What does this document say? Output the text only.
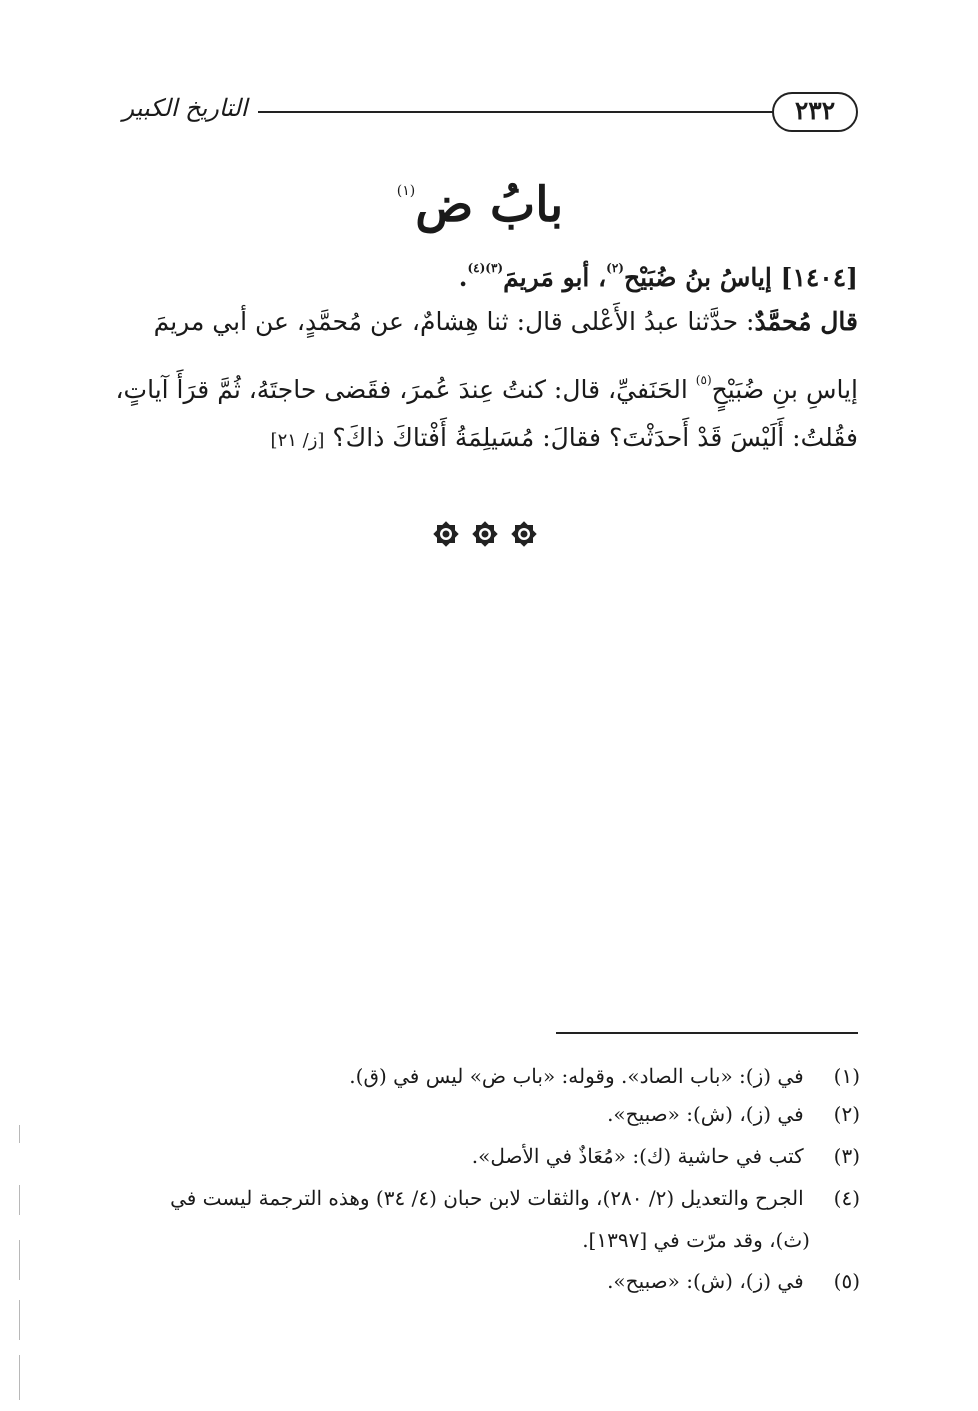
التاريخ الكبير	٢٣٢
بابُ ض$^{(١)}$
[١٤٠٤] إياسُ بنُ ضُبَيْح$^{(٢)}$، أبو مَريمَ$^{(٣)(٤)}$.
قال مُحمَّدٌ: حدَّثنا عبدُ الأَعْلى قال: ثنا هِشامٌ، عن مُحمَّدٍ، عن أبي مريمَ
إياسِ بنِ ضُبَيْحٍ$^{(٥)}$ الحَنَفيِّ، قال: كنتُ عِندَ عُمرَ، فقَضى حاجتَهُ، ثُمَّ قرَأَ آياتٍ،
فقُلتُ: أَلَيْسَ قَدْ أَحدَثْتَ؟ فقالَ: مُسَيلِمَةُ أَفْتاكَ ذاكَ؟ [ز/ ٢١]
(١) في (ز): «باب الصاد». وقوله: «باب ض» ليس في (ق).
(٢) في (ز)، (ش): «صبيح».
(٣) كتب في حاشية (ك): «مُعَاذٌ في الأصل».
(٤) الجرح والتعديل (٢/ ٢٨٠)، والثقات لابن حبان (٤/ ٣٤) وهذه الترجمة ليست في
(ث)، وقد مرّت في [١٣٩٧].
(٥) في (ز)، (ش): «صبيح».
